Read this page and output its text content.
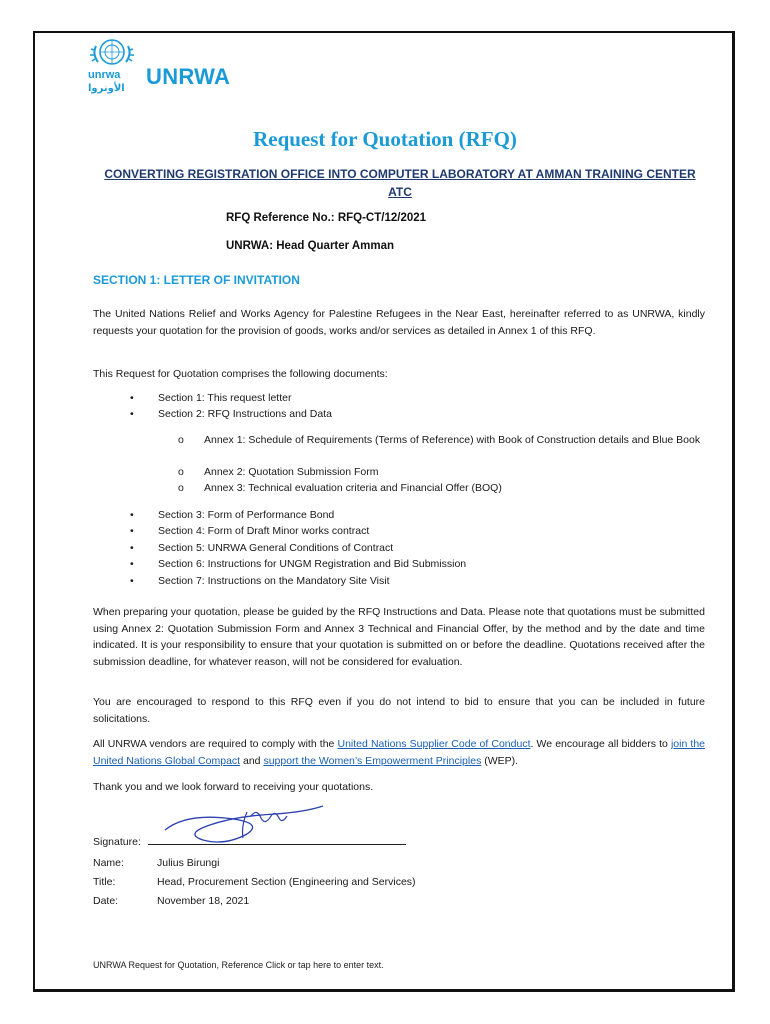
unrwa
الأونروا UNRWA
Request for Quotation (RFQ)
CONVERTING REGISTRATION OFFICE INTO COMPUTER LABORATORY AT AMMAN TRAINING CENTER ATC
RFQ Reference No.: RFQ-CT/12/2021
UNRWA: Head Quarter Amman
SECTION 1: LETTER OF INVITATION
The United Nations Relief and Works Agency for Palestine Refugees in the Near East, hereinafter referred to as UNRWA, kindly requests your quotation for the provision of goods, works and/or services as detailed in Annex 1 of this RFQ.
This Request for Quotation comprises the following documents:
•	Section 1: This request letter
•	Section 2: RFQ Instructions and Data
o Annex 1: Schedule of Requirements (Terms of Reference) with Book of Construction details and Blue Book
o Annex 2: Quotation Submission Form
o Annex 3: Technical evaluation criteria and Financial Offer (BOQ)
•	Section 3: Form of Performance Bond
•	Section 4: Form of Draft Minor works contract
•	Section 5: UNRWA General Conditions of Contract
•	Section 6: Instructions for UNGM Registration and Bid Submission
•	Section 7: Instructions on the Mandatory Site Visit
When preparing your quotation, please be guided by the RFQ Instructions and Data. Please note that quotations must be submitted using Annex 2: Quotation Submission Form and Annex 3 Technical and Financial Offer, by the method and by the date and time indicated. It is your responsibility to ensure that your quotation is submitted on or before the deadline. Quotations received after the submission deadline, for whatever reason, will not be considered for evaluation.
You are encouraged to respond to this RFQ even if you do not intend to bid to ensure that you can be included in future solicitations.
All UNRWA vendors are required to comply with the United Nations Supplier Code of Conduct. We encourage all bidders to join the United Nations Global Compact and support the Women’s Empowerment Principles (WEP).
Thank you and we look forward to receiving your quotations.
Signature:
Name:	Julius Birungi
Title:	Head, Procurement Section (Engineering and Services)
Date:	November 18, 2021
UNRWA Request for Quotation, Reference Click or tap here to enter text.
